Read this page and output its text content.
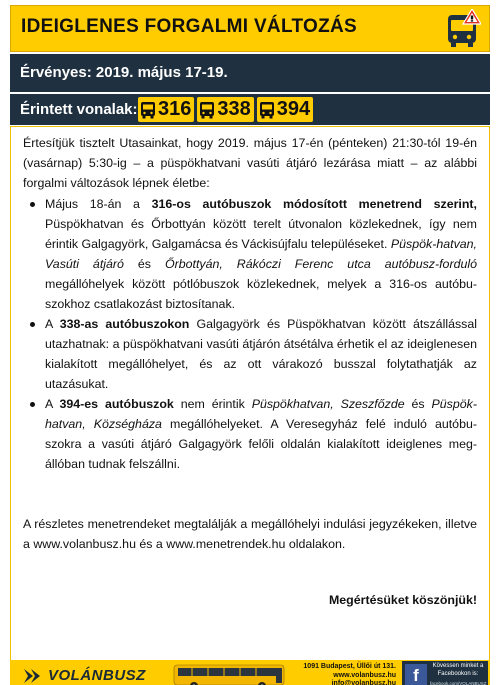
IDEIGLENES FORGALMI VÁLTOZÁS
Érvényes: 2019. május 17-19.
Érintett vonalak: 316 338 394

Értesítjük tisztelt Utasainkat, hogy 2019. május 17-én (pénteken) 21:30-tól 19-én (vasárnap) 5:30-ig – a püspökhatvani vasúti átjáró lezárása miatt – az alábbi forgalmi változások lépnek életbe:

Május 18-án a 316-os autóbuszok módosított menetrend szerint, Püspökhatvan és Őrbottyán között terelt útvonalon közlekednek, így nem érintik Galgagyörk, Galgamácsa és Váckisújfalu településeket. Püspök-hatvan, Vasúti átjáró és Őrbottyán, Rákóczi Ferenc utca autóbusz-forduló megállóhelyek között pótlóbuszok közlekednek, melyek a 316-os autóbu-szokhoz csatlakozást biztosítanak.
A 338-as autóbuszokon Galgagyörk és Püspökhatvan között átszállással utazhatnak: a püspökhatvani vasúti átjárón átsétálva érhetik el az ideiglenesen kialakított megállóhelyet, és az ott várakozó busszal folytathatják az utazásukat.
A 394-es autóbuszok nem érintik Püspökhatvan, Szeszfőzde és Püspök-hatvan, Községháza megállóhelyeket. A Veresegyház felé induló autóbu-szokra a vasúti átjáró Galgagyörk felőli oldalán kialakított ideiglenes meg-állóban tudnak felszállni.

A részletes menetrendeket megtalálják a megállóhelyi indulási jegyzékeken, illetve a www.volanbusz.hu és a www.menetrendek.hu oldalakon.

Megértésüket köszönjük!
VOLÁNBUSZ
1091 Budapest, Üllői út 131.
www.volanbusz.hu
info@volanbusz.hu	f	Kövessen minket a Facebookon is:
facebook.com/VOLANBUSZ
